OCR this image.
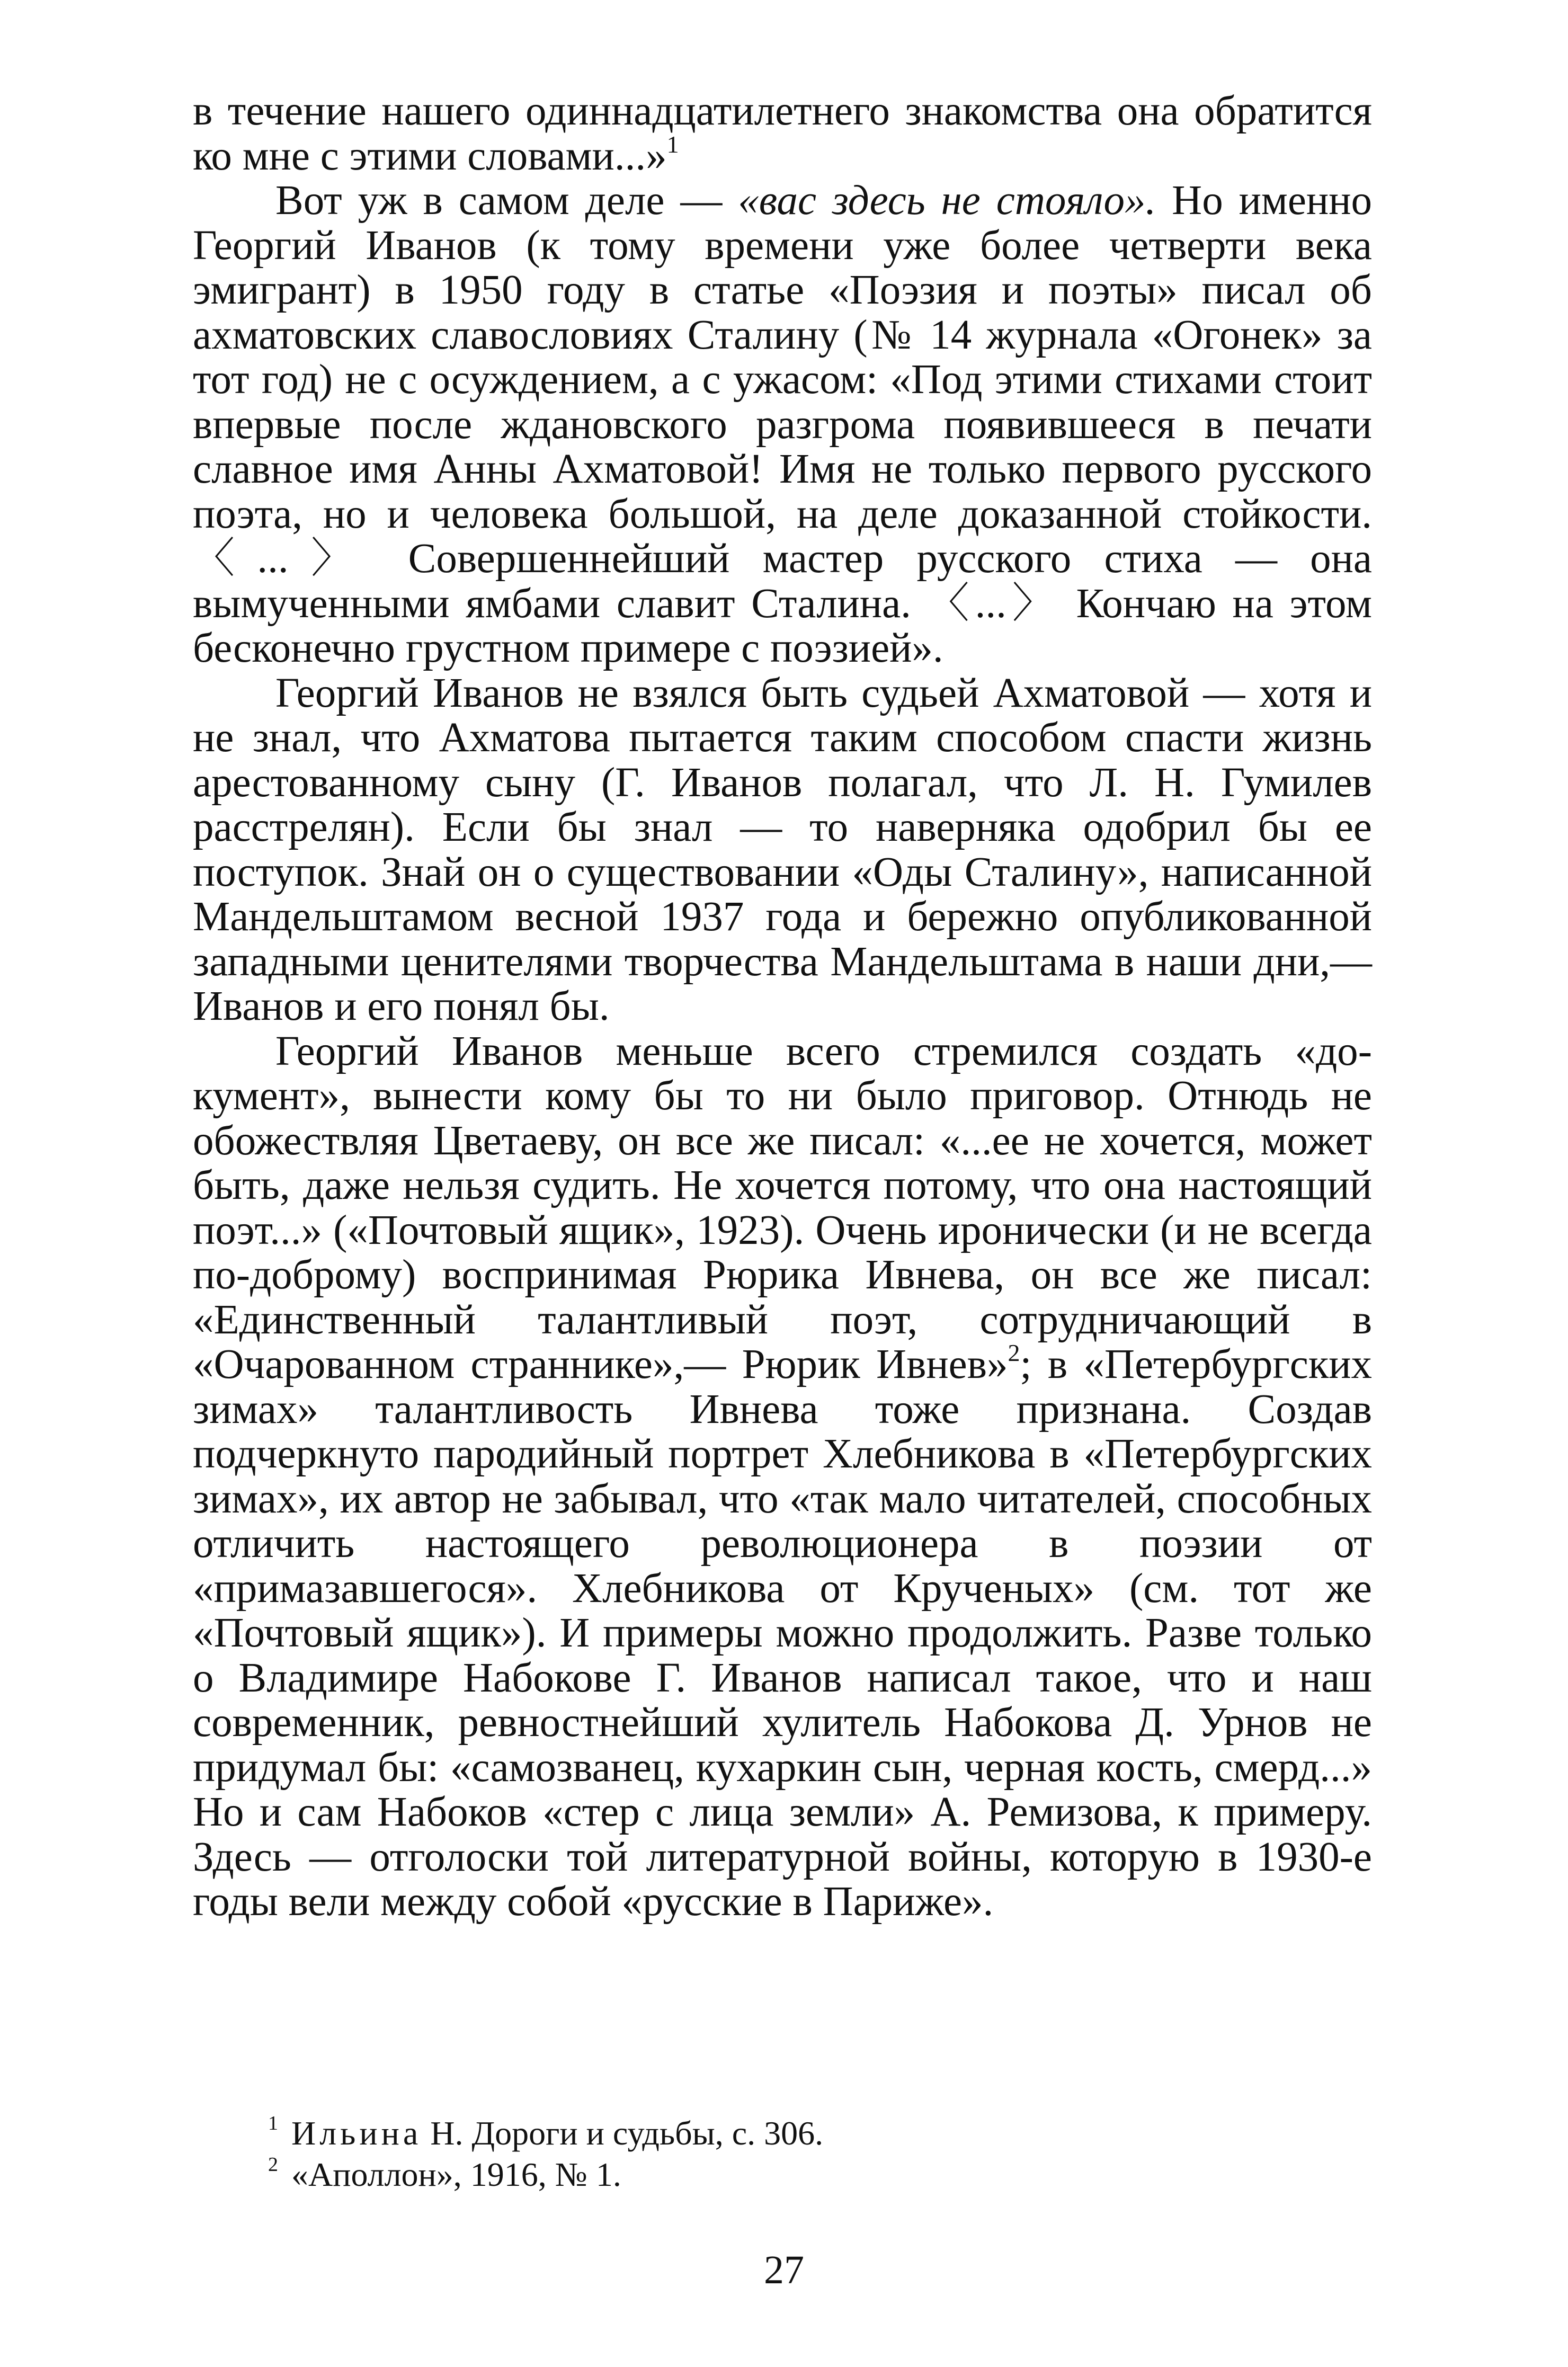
в течение нашего одиннадцатилетнего знакомства она обратится ко мне с этими словами...»$^1$

Вот уж в самом деле — «вас здесь не стояло». Но именно Георгий Иванов (к тому времени уже более четверти века эмигрант) в 1950 году в статье «Поэзия и поэты» писал об ахматовских славословиях Сталину (№ 14 журнала «Огонек» за тот год) не с осуждением, а с ужасом: «Под этими стихами стоит впервые после ждановского разгрома появившееся в печати славное имя Анны Ахматовой! Имя не только первого русского поэта, но и человека большой, на деле доказанной стойкости. 〈...〉 Совершеннейший мастер русского стиха — она вымученными ямбами славит Сталина. 〈...〉 Кончаю на этом бесконечно грустном примере с поэзией».

Георгий Иванов не взялся быть судьей Ахматовой — хотя и не знал, что Ахматова пытается таким способом спасти жизнь арестованному сыну (Г. Иванов полагал, что Л. Н. Гумилев расстрелян). Если бы знал — то наверняка одобрил бы ее поступок. Знай он о существовании «Оды Сталину», написанной Мандельштамом весной 1937 года и бережно опубликованной западными ценителями творчества Мандельштама в наши дни,— Иванов и его понял бы.

Георгий Иванов меньше всего стремился создать «документ», вынести кому бы то ни было приговор. Отнюдь не обожествляя Цветаеву, он все же писал: «...ее не хочется, может быть, даже нельзя судить. Не хочется потому, что она настоящий поэт...» («Почтовый ящик», 1923). Очень иронически (и не всегда по-доброму) воспринимая Рюрика Ивнева, он все же писал: «Единственный талантливый поэт, сотрудничающий в «Очарованном страннике»,— Рюрик Ивнев»$^2$; в «Петербургских зимах» талантливость Ивнева тоже признана. Создав подчеркнуто пародийный портрет Хлебникова в «Петербургских зимах», их автор не забывал, что «так мало читателей, способных отличить настоящего революционера в поэзии от «примазавшегося». Хлебникова от Крученых» (см. тот же «Почтовый ящик»). И примеры можно продолжить. Разве только о Владимире Набокове Г. Иванов написал такое, что и наш современник, ревностнейший хулитель Набокова Д. Урнов не придумал бы: «самозванец, кухаркин сын, черная кость, смерд...» Но и сам Набоков «стер с лица земли» А. Ремизова, к примеру. Здесь — отголоски той литературной войны, которую в 1930-е годы вели между собой «русские в Париже».

1 Ильина Н. Дороги и судьбы, с. 306.

2 «Аполлон», 1916, № 1.

27
